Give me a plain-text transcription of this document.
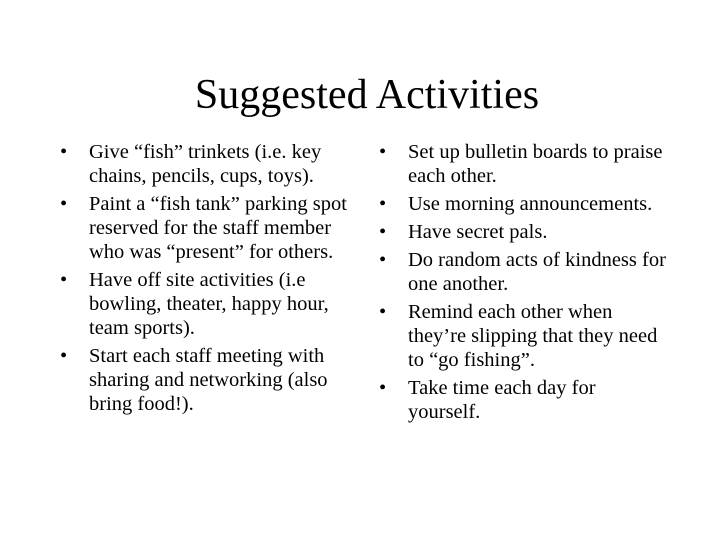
Suggested Activities
•	Give “fish” trinkets (i.e. key chains, pencils, cups, toys).
•	Paint a “fish tank” parking spot reserved for the staff member who was “present” for others.
•	Have off site activities (i.e bowling, theater, happy hour, team sports).
•	Start each staff meeting with sharing and networking (also bring food!).
•	Set up bulletin boards to praise each other.
•	Use morning announcements.
•	Have secret pals.
•	Do random acts of kindness for one another.
•	Remind each other when they’re slipping that they need to “go fishing”.
•	Take time each day for yourself.
